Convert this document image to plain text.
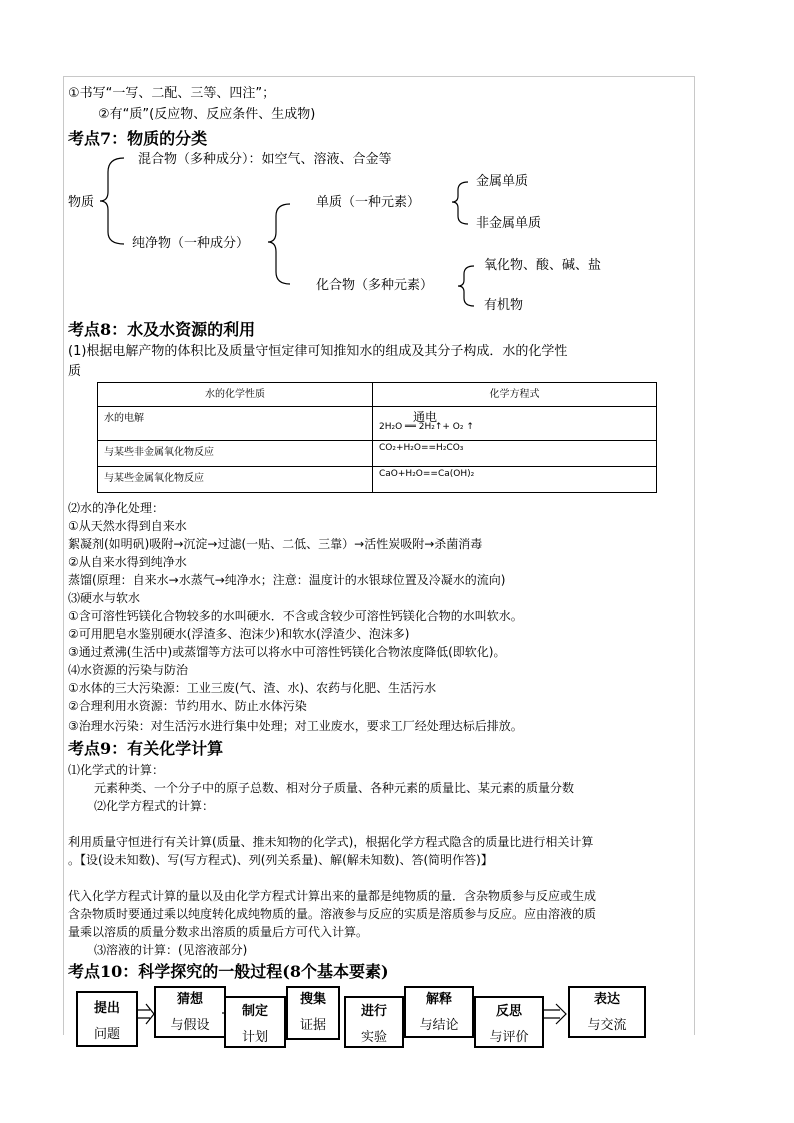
①书写“一写、二配、三等、四注”；
②有“质”(反应物、反应条件、生成物)
考点7：物质的分类
混合物（多种成分）：如空气、溶液、合金等
物质	单质（一种元素）
金属单质
非金属单质
纯净物（一种成分）
化合物（多种元素）
氧化物、酸、碱、盐
有机物
考点8：水及水资源的利用
(1)根据电解产物的体积比及质量守恒定律可知推知水的组成及其分子构成．水的化学性
质
水的化学性质	化学方程式
水的电解	通电
2H₂O ══ 2H₂↑+ O₂ ↑

与某些非金属氧化物反应	CO₂+H₂O==H₂CO₃
与某些金属氧化物反应	CaO+H₂O==Ca(OH)₂
⑵水的净化处理：
①从天然水得到自来水
絮凝剂(如明矾)吸附→沉淀→过滤(一贴、二低、三靠）→活性炭吸附→杀菌消毒
②从自来水得到纯净水
蒸馏(原理：自来水→水蒸气→纯净水；注意：温度计的水银球位置及冷凝水的流向)
⑶硬水与软水
①含可溶性钙镁化合物较多的水叫硬水．不含或含较少可溶性钙镁化合物的水叫软水。
②可用肥皂水鉴别硬水(浮渣多、泡沫少)和软水(浮渣少、泡沫多)
③通过煮沸(生活中)或蒸馏等方法可以将水中可溶性钙镁化合物浓度降低(即软化)。
⑷水资源的污染与防治
①水体的三大污染源：工业三废(气、渣、水)、农药与化肥、生活污水
②合理利用水资源：节约用水、防止水体污染
③治理水污染：对生活污水进行集中处理；对工业废水，要求工厂经处理达标后排放。
考点9：有关化学计算
⑴化学式的计算：
元素种类、一个分子中的原子总数、相对分子质量、各种元素的质量比、某元素的质量分数
⑵化学方程式的计算：
利用质量守恒进行有关计算(质量、推未知物的化学式)，根据化学方程式隐含的质量比进行相关计算
。【设(设未知数)、写(写方程式)、列(列关系量)、解(解未知数)、答(简明作答)】
代入化学方程式计算的量以及由化学方程式计算出来的量都是纯物质的量．含杂物质参与反应或生成
含杂物质时要通过乘以纯度转化成纯物质的量。溶液参与反应的实质是溶质参与反应。应由溶液的质
量乘以溶质的质量分数求出溶质的质量后方可代入计算。
⑶溶液的计算：(见溶液部分)
考点10：科学探究的一般过程(8个基本要素)
提出
问题
猜想
与假设
制定
计划
搜集
证据
进行
实验
解释
与结论
反思
与评价
表达
与交流
